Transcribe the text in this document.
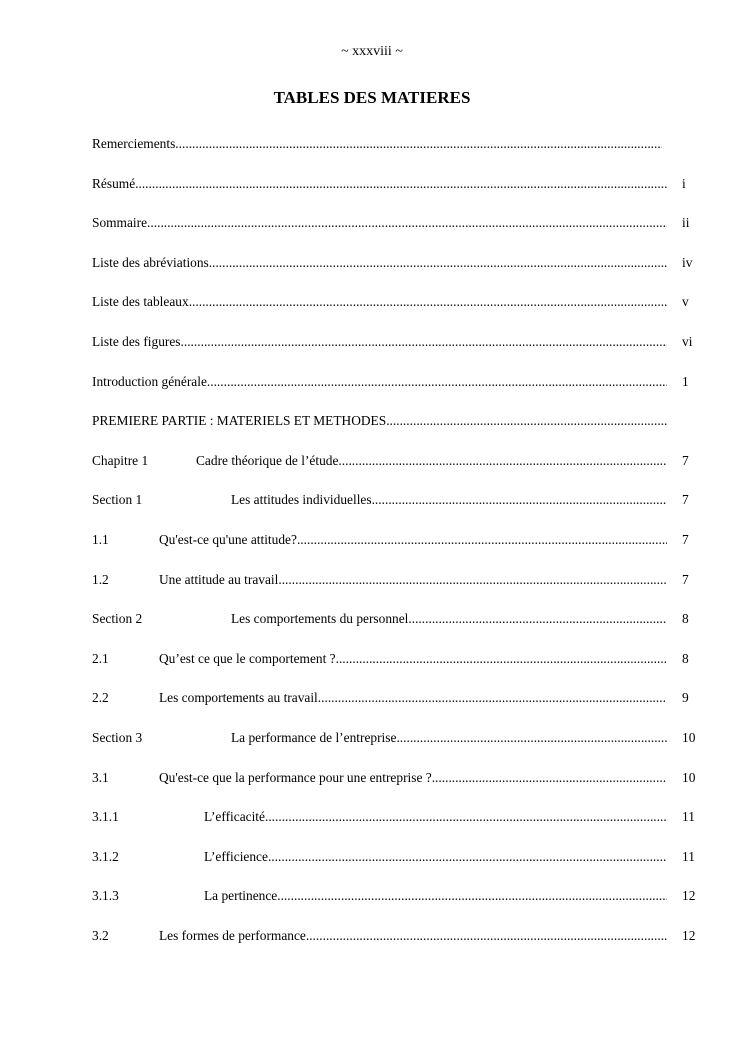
~ xxxviii ~
TABLES DES MATIERES
Remerciements .....
Résumé .....	i
Sommaire .....	ii
Liste des abréviations .....	iv
Liste des tableaux .....	v
Liste des figures .....	vi
Introduction générale .....	1
PREMIERE PARTIE : MATERIELS ET METHODES .....
Chapitre 1	Cadre théorique de l’étude .....	7
Section 1	Les attitudes individuelles .....	7
1.1	Qu'est-ce qu'une attitude? .....	7
1.2	Une attitude au travail .....	7
Section 2	Les comportements du personnel .....	8
2.1	Qu’est ce que le comportement ? .....	8
2.2	Les comportements au travail .....	9
Section 3	La performance de l’entreprise .....	10
3.1	Qu'est-ce que la performance pour une entreprise ? .....	10
3.1.1	L’efficacité .....	11
3.1.2	L’efficience .....	11
3.1.3	La pertinence .....	12
3.2	Les formes de performance .....	12
